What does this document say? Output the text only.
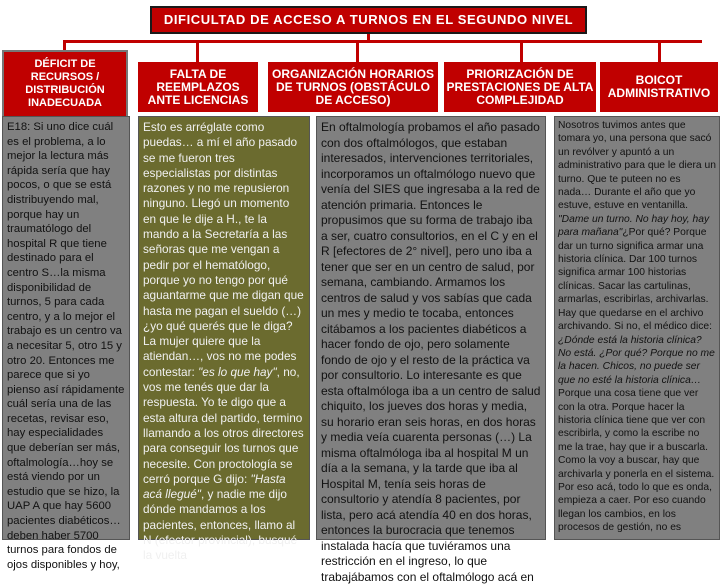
DIFICULTAD DE ACCESO A TURNOS EN EL SEGUNDO NIVEL
DÉFICIT DE RECURSOS / DISTRIBUCIÓN INADECUADA
FALTA DE REEMPLAZOS ANTE LICENCIAS
ORGANIZACIÓN HORARIOS DE TURNOS (OBSTÁCULO DE ACCESO)
PRIORIZACIÓN DE PRESTACIONES DE ALTA COMPLEJIDAD
BOICOT ADMINISTRATIVO

E18: Si uno dice cuál es el problema, a lo mejor la lectura más rápida sería que hay pocos, o que se está distribuyendo mal, porque hay un traumatólogo del hospital R que tiene destinado para el centro S…la misma disponibilidad de turnos, 5 para cada centro, y a lo mejor el trabajo es un centro va a necesitar 5, otro 15 y otro 20. Entonces me parece que si yo pienso así rápidamente cuál sería una de las recetas, revisar eso, hay especialidades que deberían ser más, oftalmología…hoy se está viendo por un estudio que se hizo, la UAP A que hay 5600 pacientes diabéticos… deben haber 5700 turnos para fondos de ojos disponibles y hoy,

Esto es arréglate como puedas… a mí el año pasado se me fueron tres especialistas por distintas razones y no me repusieron ninguno. Llegó un momento en que le dije a H., te la mando a la Secretaría a las señoras que me vengan a pedir por el hematólogo, porque yo no tengo por qué aguantarme que me digan que hasta me pagan el sueldo (…) ¿yo qué querés que le diga? La mujer quiere que la atiendan…, vos no me podes contestar: "es lo que hay", no, vos me tenés que dar la respuesta. Yo te digo que a esta altura del partido, termino llamando a los otros directores para conseguir los turnos que necesite. Con proctología se cerró porque G dijo: "Hasta acá llegué", y nadie me dijo dónde mandamos a los pacientes, entonces, llamo al N (efector provincial), busqué la vuelta

En oftalmología probamos el año pasado con dos oftalmólogos, que estaban interesados, intervenciones territoriales, incorporamos un oftalmólogo nuevo que venía del SIES que ingresaba a la red de atención primaria. Entonces le propusimos que su forma de trabajo iba a ser, cuatro consultorios, en el C y en el R [efectores de 2° nivel], pero uno iba a tener que ser en un centro de salud, por semana, cambiando. Armamos los centros de salud y vos sabías que cada un mes y medio te tocaba, entonces citábamos a los pacientes diabéticos a hacer fondo de ojo, pero solamente fondo de ojo y el resto de la práctica va por consultorio. Lo interesante es que esta oftalmóloga iba a un centro de salud chiquito, los jueves dos horas y media, su horario eran seis horas, en dos horas y media veía cuarenta personas (…) La misma oftalmóloga iba al hospital M un día a la semana, y la tarde que iba al Hospital M, tenía seis horas de consultorio y atendía 8 pacientes, por lista, pero acá atendía 40 en dos horas, entonces la burocracia que tenemos instalada hacía que tuviéramos una restricción en el ingreso, lo que trabajábamos con el oftalmólogo acá en

Nosotros tuvimos antes que tomara yo, una persona que sacó un revólver y apuntó a un administrativo para que le diera un turno. Que te puteen no es nada… Durante el año que yo estuve, estuve en ventanilla. "Dame un turno. No hay hoy, hay para mañana"¿Por qué? Porque dar un turno significa armar una historia clínica. Dar 100 turnos significa armar 100 historias clínicas. Sacar las cartulinas, armarlas, escribirlas, archivarlas. Hay que quedarse en el archivo archivando. Si no, el médico dice: ¿Dónde está la historia clínica? No está. ¿Por qué? Porque no me la hacen. Chicos, no puede ser que no esté la historia clínica…Porque una cosa tiene que ver con la otra. Porque hacer la historia clínica tiene que ver con escribirla, y como la escribe no me la trae, hay que ir a buscarla. Como la voy a buscar, hay que archivarla y ponerla en el sistema. Por eso acá, todo lo que es onda, empieza a caer. Por eso cuando llegan los cambios, en los procesos de gestión, no es
